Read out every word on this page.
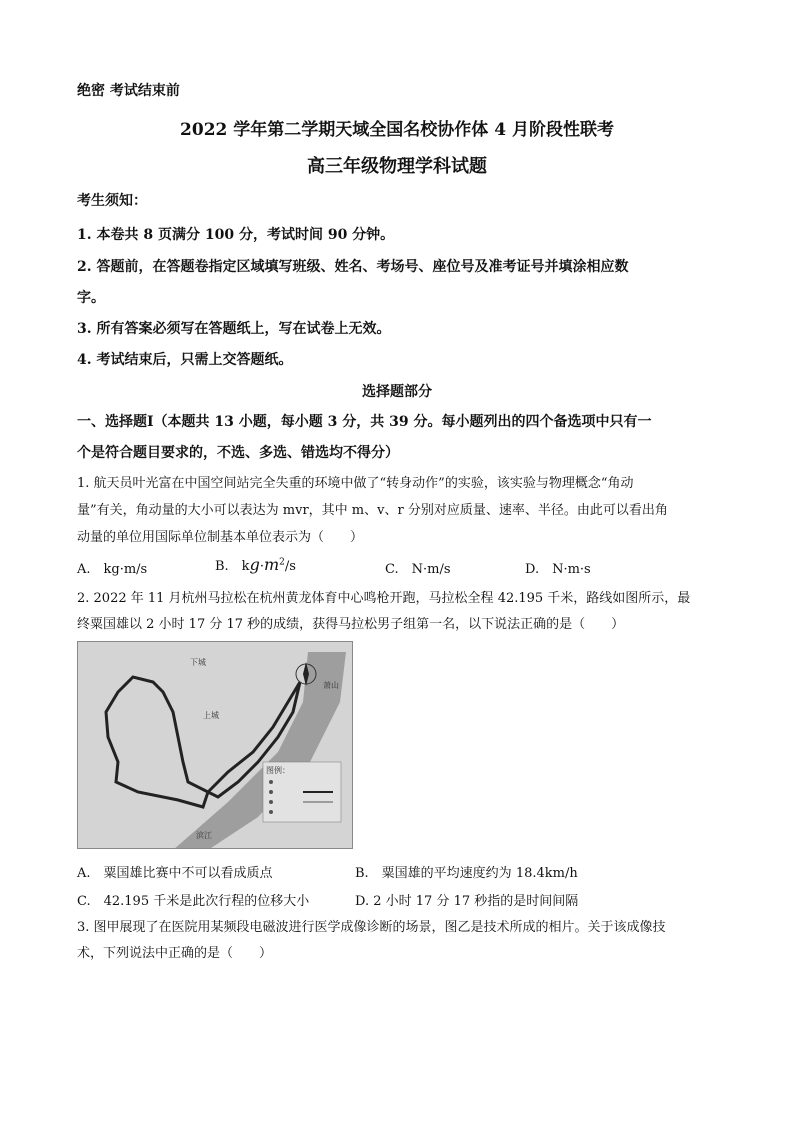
绝密 考试结束前
2022 学年第二学期天域全国名校协作体 4 月阶段性联考
高三年级物理学科试题
考生须知：
1. 本卷共 8 页满分 100 分，考试时间 90 分钟。
2. 答题前，在答题卷指定区域填写班级、姓名、考场号、座位号及准考证号并填涂相应数
字。
3. 所有答案必须写在答题纸上，写在试卷上无效。
4. 考试结束后，只需上交答题纸。
选择题部分
一、选择题Ⅰ（本题共 13 小题，每小题 3 分，共 39 分。每小题列出的四个备选项中只有一
个是符合题目要求的，不选、多选、错选均不得分）
1. 航天员叶光富在中国空间站完全失重的环境中做了“转身动作”的实验，该实验与物理概念“角动
量”有关，角动量的大小可以表达为 mvr，其中 m、v、r 分别对应质量、速率、半径。由此可以看出角
动量的单位用国际单位制基本单位表示为（　　）
A.　kg·m/s	B.　$kg\cdot m^2/s$	C.　N·m/s	D.　N·m·s
2. 2022 年 11 月杭州马拉松在杭州黄龙体育中心鸣枪开跑，马拉松全程 42.195 千米，路线如图所示，最
终粟国雄以 2 小时 17 分 17 秒的成绩，获得马拉松男子组第一名，以下说法正确的是（　　）
下城
上城
萧山
滨江
图例：
A.　粟国雄比赛中不可以看成质点	B.　粟国雄的平均速度约为 18.4km/h
C.　42.195 千米是此次行程的位移大小	D. 2 小时 17 分 17 秒指的是时间间隔
3. 图甲展现了在医院用某频段电磁波进行医学成像诊断的场景，图乙是技术所成的相片。关于该成像技
术，下列说法中正确的是（　　）
